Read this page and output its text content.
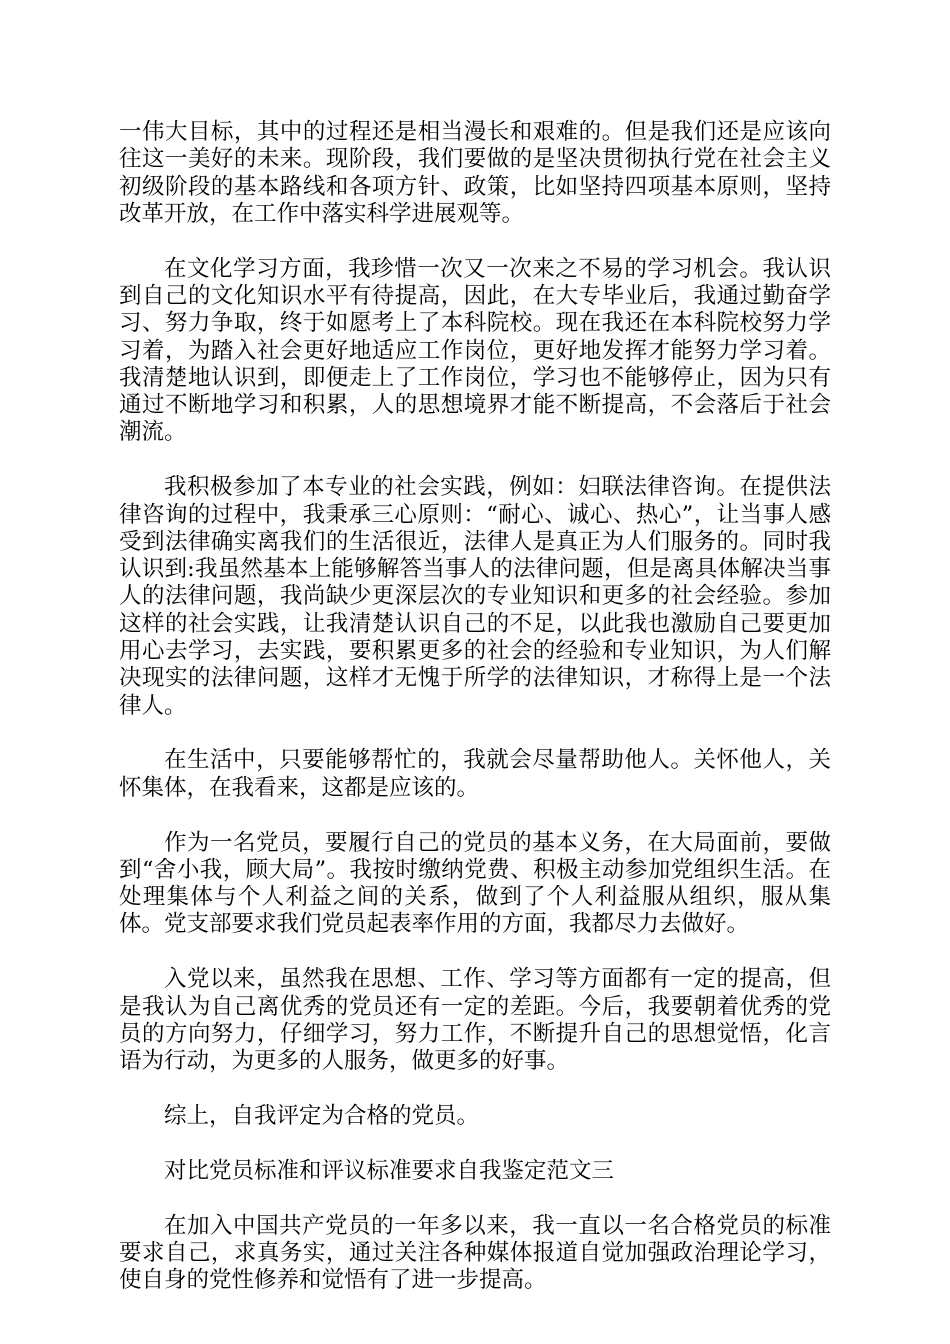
一伟大目标，其中的过程还是相当漫长和艰难的。但是我们还是应该向往这一美好的未来。现阶段，我们要做的是坚决贯彻执行党在社会主义初级阶段的基本路线和各项方针、政策，比如坚持四项基本原则，坚持改革开放，在工作中落实科学进展观等。

在文化学习方面，我珍惜一次又一次来之不易的学习机会。我认识到自己的文化知识水平有待提高，因此，在大专毕业后，我通过勤奋学习、努力争取，终于如愿考上了本科院校。现在我还在本科院校努力学习着，为踏入社会更好地适应工作岗位，更好地发挥才能努力学习着。我清楚地认识到，即便走上了工作岗位，学习也不能够停止，因为只有通过不断地学习和积累，人的思想境界才能不断提高，不会落后于社会潮流。

我积极参加了本专业的社会实践，例如：妇联法律咨询。在提供法律咨询的过程中，我秉承三心原则：“耐心、诚心、热心”，让当事人感受到法律确实离我们的生活很近，法律人是真正为人们服务的。同时我认识到:我虽然基本上能够解答当事人的法律问题，但是离具体解决当事人的法律问题，我尚缺少更深层次的专业知识和更多的社会经验。参加这样的社会实践，让我清楚认识自己的不足，以此我也激励自己要更加用心去学习，去实践，要积累更多的社会的经验和专业知识，为人们解决现实的法律问题，这样才无愧于所学的法律知识，才称得上是一个法律人。

在生活中，只要能够帮忙的，我就会尽量帮助他人。关怀他人，关怀集体，在我看来，这都是应该的。

作为一名党员，要履行自己的党员的基本义务，在大局面前，要做到“舍小我，顾大局”。我按时缴纳党费、积极主动参加党组织生活。在处理集体与个人利益之间的关系，做到了个人利益服从组织，服从集体。党支部要求我们党员起表率作用的方面，我都尽力去做好。

入党以来，虽然我在思想、工作、学习等方面都有一定的提高，但是我认为自己离优秀的党员还有一定的差距。今后，我要朝着优秀的党员的方向努力，仔细学习，努力工作，不断提升自己的思想觉悟，化言语为行动，为更多的人服务，做更多的好事。

综上，自我评定为合格的党员。

对比党员标准和评议标准要求自我鉴定范文三

在加入中国共产党员的一年多以来，我一直以一名合格党员的标准要求自己，求真务实，通过关注各种媒体报道自觉加强政治理论学习，使自身的党性修养和觉悟有了进一步提高。
